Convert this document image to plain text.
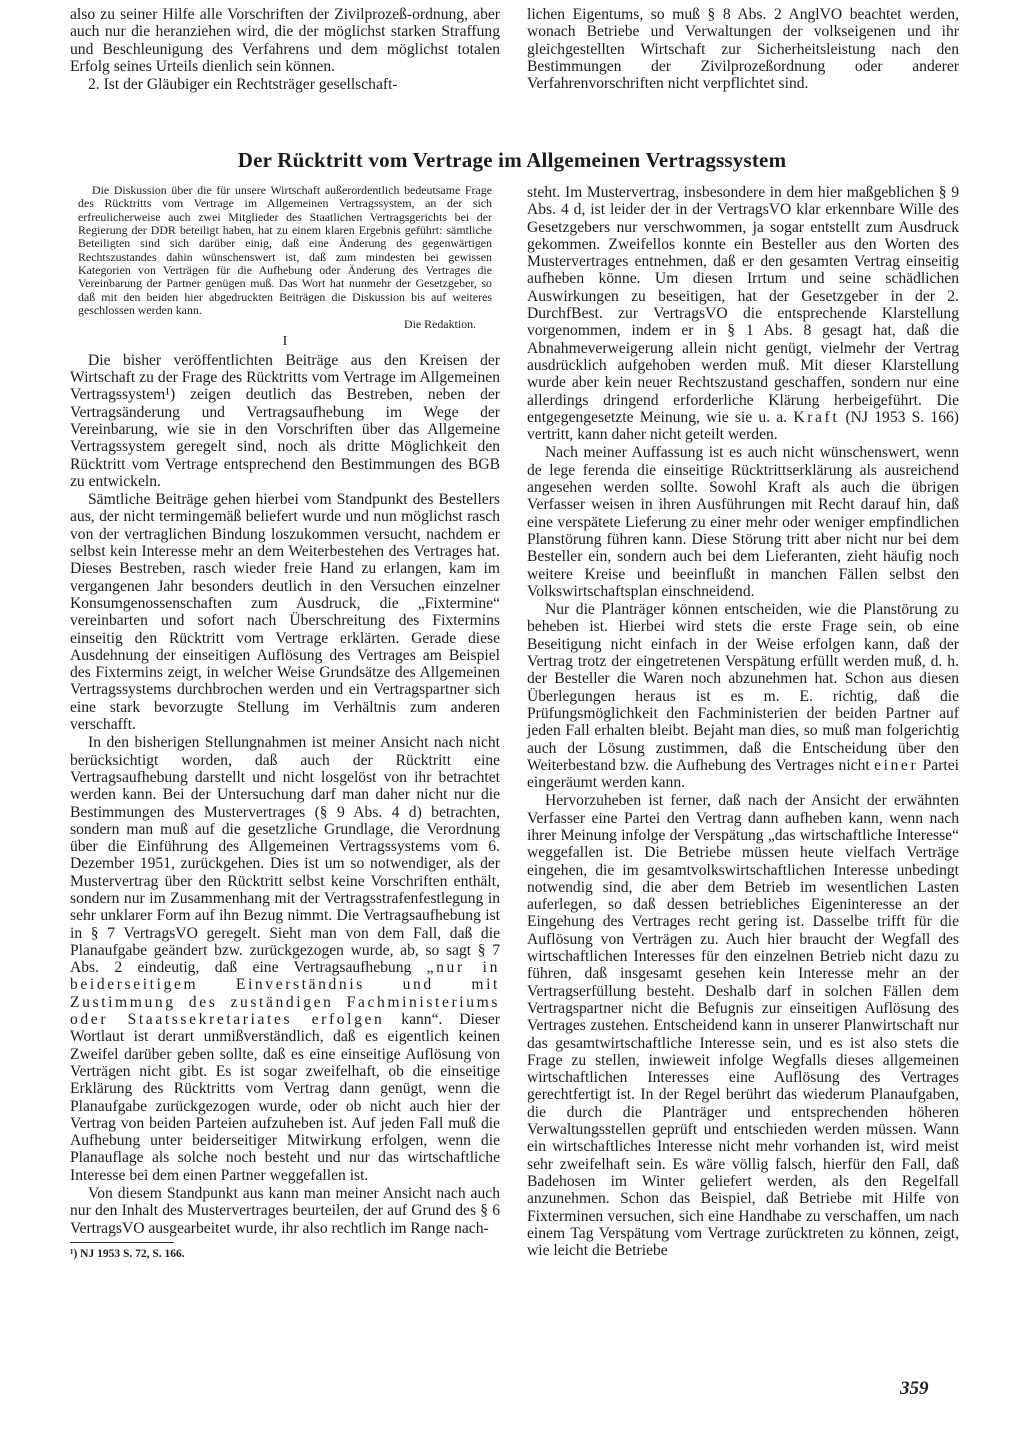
also zu seiner Hilfe alle Vorschriften der Zivilprozeß-ordnung, aber auch nur die heranziehen wird, die der möglichst starken Straffung und Beschleunigung des Verfahrens und dem möglichst totalen Erfolg seines Urteils dienlich sein können.

2. Ist der Gläubiger ein Rechtsträger gesellschaft-

lichen Eigentums, so muß § 8 Abs. 2 AnglVO beachtet werden, wonach Betriebe und Verwaltungen der volkseigenen und ihr gleichgestellten Wirtschaft zur Sicherheitsleistung nach den Bestimmungen der Zivilprozeßordnung oder anderer Verfahrenvorschriften nicht verpflichtet sind.

Der Rücktritt vom Vertrage im Allgemeinen Vertragssystem

Die Diskussion über die für unsere Wirtschaft außerordentlich bedeutsame Frage des Rücktritts vom Vertrage im Allgemeinen Vertragssystem, an der sich erfreulicherweise auch zwei Mitglieder des Staatlichen Vertragsgerichts bei der Regierung der DDR beteiligt haben, hat zu einem klaren Ergebnis geführt: sämtliche Beteiligten sind sich darüber einig, daß eine Änderung des gegenwärtigen Rechtszustandes dahin wünschenswert ist, daß zum mindesten bei gewissen Kategorien von Verträgen für die Aufhebung oder Änderung des Vertrages die Vereinbarung der Partner genügen muß. Das Wort hat nunmehr der Gesetzgeber, so daß mit den beiden hier abgedruckten Beiträgen die Diskussion bis auf weiteres geschlossen werden kann.

Die Redaktion.

I

Die bisher veröffentlichten Beiträge aus den Kreisen der Wirtschaft zu der Frage des Rücktritts vom Vertrage im Allgemeinen Vertragssystem¹) zeigen deutlich das Bestreben, neben der Vertragsänderung und Vertragsaufhebung im Wege der Vereinbarung, wie sie in den Vorschriften über das Allgemeine Vertragssystem geregelt sind, noch als dritte Möglichkeit den Rücktritt vom Vertrage entsprechend den Bestimmungen des BGB zu entwickeln.

Sämtliche Beiträge gehen hierbei vom Standpunkt des Bestellers aus, der nicht termingemäß beliefert wurde und nun möglichst rasch von der vertraglichen Bindung loszukommen versucht, nachdem er selbst kein Interesse mehr an dem Weiterbestehen des Vertrages hat. Dieses Bestreben, rasch wieder freie Hand zu erlangen, kam im vergangenen Jahr besonders deutlich in den Versuchen einzelner Konsumgenossenschaften zum Ausdruck, die „Fixtermine“ vereinbarten und sofort nach Überschreitung des Fixtermins einseitig den Rücktritt vom Vertrage erklärten. Gerade diese Ausdehnung der einseitigen Auflösung des Vertrages am Beispiel des Fixtermins zeigt, in welcher Weise Grundsätze des Allgemeinen Vertragssystems durchbrochen werden und ein Vertragspartner sich eine stark bevorzugte Stellung im Verhältnis zum anderen verschafft.

In den bisherigen Stellungnahmen ist meiner Ansicht nach nicht berücksichtigt worden, daß auch der Rücktritt eine Vertragsaufhebung darstellt und nicht losgelöst von ihr betrachtet werden kann. Bei der Untersuchung darf man daher nicht nur die Bestimmungen des Mustervertrages (§ 9 Abs. 4 d) betrachten, sondern man muß auf die gesetzliche Grundlage, die Verordnung über die Einführung des Allgemeinen Vertragssystems vom 6. Dezember 1951, zurückgehen. Dies ist um so notwendiger, als der Mustervertrag über den Rücktritt selbst keine Vorschriften enthält, sondern nur im Zusammenhang mit der Vertragsstrafenfestlegung in sehr unklarer Form auf ihn Bezug nimmt. Die Vertragsaufhebung ist in § 7 VertragsVO geregelt. Sieht man von dem Fall, daß die Planaufgabe geändert bzw. zurückgezogen wurde, ab, so sagt § 7 Abs. 2 eindeutig, daß eine Vertragsaufhebung „nur in beiderseitigem Einverständnis und mit Zustimmung des zuständigen Fachministeriums oder Staatssekretariates erfolgen kann“. Dieser Wortlaut ist derart unmißverständlich, daß es eigentlich keinen Zweifel darüber geben sollte, daß es eine einseitige Auflösung von Verträgen nicht gibt. Es ist sogar zweifelhaft, ob die einseitige Erklärung des Rücktritts vom Vertrag dann genügt, wenn die Planaufgabe zurückgezogen wurde, oder ob nicht auch hier der Vertrag von beiden Parteien aufzuheben ist. Auf jeden Fall muß die Aufhebung unter beiderseitiger Mitwirkung erfolgen, wenn die Planauflage als solche noch besteht und nur das wirtschaftliche Interesse bei dem einen Partner weggefallen ist.

Von diesem Standpunkt aus kann man meiner Ansicht nach auch nur den Inhalt des Mustervertrages beurteilen, der auf Grund des § 6 VertragsVO ausgearbeitet wurde, ihr also rechtlich im Range nach-

¹) NJ 1953 S. 72, S. 166.

steht. Im Mustervertrag, insbesondere in dem hier maßgeblichen § 9 Abs. 4 d, ist leider der in der VertragsVO klar erkennbare Wille des Gesetzgebers nur verschwommen, ja sogar entstellt zum Ausdruck gekommen. Zweifellos konnte ein Besteller aus den Worten des Mustervertrages entnehmen, daß er den gesamten Vertrag einseitig aufheben könne. Um diesen Irrtum und seine schädlichen Auswirkungen zu beseitigen, hat der Gesetzgeber in der 2. DurchfBest. zur VertragsVO die entsprechende Klarstellung vorgenommen, indem er in § 1 Abs. 8 gesagt hat, daß die Abnahmeverweigerung allein nicht genügt, vielmehr der Vertrag ausdrücklich aufgehoben werden muß. Mit dieser Klarstellung wurde aber kein neuer Rechtszustand geschaffen, sondern nur eine allerdings dringend erforderliche Klärung herbeigeführt. Die entgegengesetzte Meinung, wie sie u. a. Kraft (NJ 1953 S. 166) vertritt, kann daher nicht geteilt werden.

Nach meiner Auffassung ist es auch nicht wünschenswert, wenn de lege ferenda die einseitige Rücktrittserklärung als ausreichend angesehen werden sollte. Sowohl Kraft als auch die übrigen Verfasser weisen in ihren Ausführungen mit Recht darauf hin, daß eine verspätete Lieferung zu einer mehr oder weniger empfindlichen Planstörung führen kann. Diese Störung tritt aber nicht nur bei dem Besteller ein, sondern auch bei dem Lieferanten, zieht häufig noch weitere Kreise und beeinflußt in manchen Fällen selbst den Volkswirtschaftsplan einschneidend.

Nur die Planträger können entscheiden, wie die Planstörung zu beheben ist. Hierbei wird stets die erste Frage sein, ob eine Beseitigung nicht einfach in der Weise erfolgen kann, daß der Vertrag trotz der eingetretenen Verspätung erfüllt werden muß, d. h. der Besteller die Waren noch abzunehmen hat. Schon aus diesen Überlegungen heraus ist es m. E. richtig, daß die Prüfungsmöglichkeit den Fachministerien der beiden Partner auf jeden Fall erhalten bleibt. Bejaht man dies, so muß man folgerichtig auch der Lösung zustimmen, daß die Entscheidung über den Weiterbestand bzw. die Aufhebung des Vertrages nicht einer Partei eingeräumt werden kann.

Hervorzuheben ist ferner, daß nach der Ansicht der erwähnten Verfasser eine Partei den Vertrag dann aufheben kann, wenn nach ihrer Meinung infolge der Verspätung „das wirtschaftliche Interesse“ weggefallen ist. Die Betriebe müssen heute vielfach Verträge eingehen, die im gesamtvolkswirtschaftlichen Interesse unbedingt notwendig sind, die aber dem Betrieb im wesentlichen Lasten auferlegen, so daß dessen betriebliches Eigeninteresse an der Eingehung des Vertrages recht gering ist. Dasselbe trifft für die Auflösung von Verträgen zu. Auch hier braucht der Wegfall des wirtschaftlichen Interesses für den einzelnen Betrieb nicht dazu zu führen, daß insgesamt gesehen kein Interesse mehr an der Vertragserfüllung besteht. Deshalb darf in solchen Fällen dem Vertragspartner nicht die Befugnis zur einseitigen Auflösung des Vertrages zustehen. Entscheidend kann in unserer Planwirtschaft nur das gesamtwirtschaftliche Interesse sein, und es ist also stets die Frage zu stellen, inwieweit infolge Wegfalls dieses allgemeinen wirtschaftlichen Interesses eine Auflösung des Vertrages gerechtfertigt ist. In der Regel berührt das wiederum Planaufgaben, die durch die Planträger und entsprechenden höheren Verwaltungsstellen geprüft und entschieden werden müssen. Wann ein wirtschaftliches Interesse nicht mehr vorhanden ist, wird meist sehr zweifelhaft sein. Es wäre völlig falsch, hierfür den Fall, daß Badehosen im Winter geliefert werden, als den Regelfall anzunehmen. Schon das Beispiel, daß Betriebe mit Hilfe von Fixterminen versuchen, sich eine Handhabe zu verschaffen, um nach einem Tag Verspätung vom Vertrage zurücktreten zu können, zeigt, wie leicht die Betriebe

359
